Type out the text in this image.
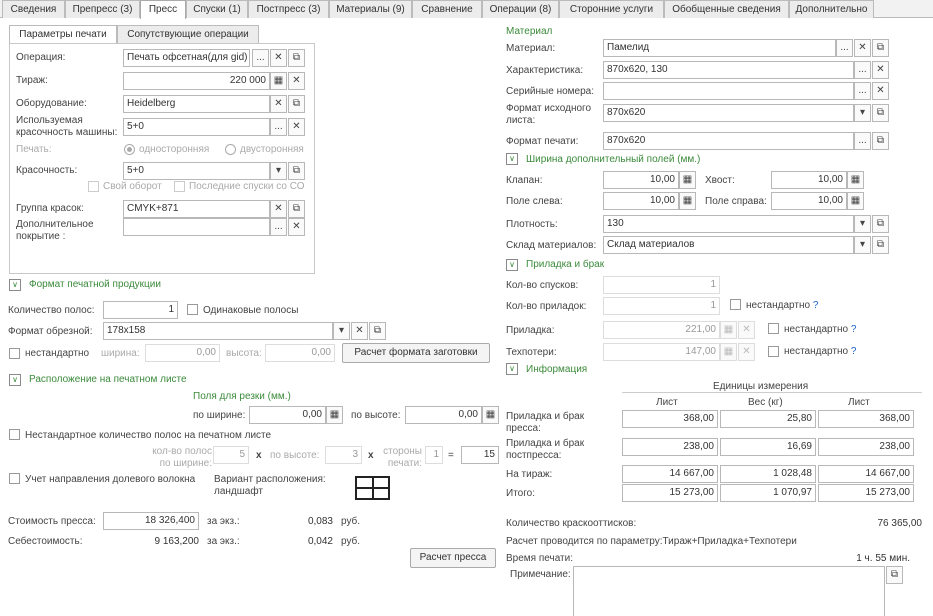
Сведения	Препресс (3)	Пресс	Спуски (1)	Постпресс (3)	Материалы (9)	Сравнение	Операции (8)	Сторонние услуги	Обобщенные сведения	Дополнительно
Параметры печати	Сопутствующие операции
Операция:	Печать офсетная(для gid) ... ✕	⧉
Тираж:	220 000 ▦ ✕
Оборудование:	Heidelberg	✕	⧉
Используемая красочность машины:
5+0	... ✕
Печать:	односторонняя	двусторонняя
Красочность:	5+0	▾	⧉
Свой оборот	Последние спуски со СО
Группа красок:	CMYK+871	✕	⧉
Дополнительное покрытие :
... ✕
∨	Формат печатной продукции
Количество полос:	1	Одинаковые полосы
Формат обрезной:	178x158	▾	✕	⧉
нестандартно ширина:	0,00	высота:	0,00	Расчет формата заготовки
∨	Расположение на печатном листе
Поля для резки (мм.)
по ширине:	0,00 ▦	по высоте:	0,00 ▦
Нестандартное количество полос на печатном листе
кол-во полос по ширине:
5	x по высоте:	3	x стороны печати:
1 =	15
Учет направления долевого волокна Вариант расположения:
ландшафт
Стоимость пресса:	18 326,400	за экз.:	0,083 руб.
Себестоимость:	9 163,200 за экз.:	0,042 руб.
Расчет пресса
Материал
Материал:	Памелид	... ✕	⧉
Характеристика:	870x620, 130	... ✕
Серийные номера:	... ✕
Формат исходного листа:
870x620	▾	⧉
Формат печати:	870x620	...	⧉
∨	Ширина дополнительный полей (мм.)
Клапан:	10,00 ▦	Хвост:	10,00 ▦
Поле слева:	10,00 ▦	Поле справа:	10,00 ▦
Плотность:	130	▾	⧉
Склад материалов:	Склад материалов	▾	⧉
∨	Приладка и брак
Кол-во спусков:	1
Кол-во приладок:	1	нестандартно ?
Приладка:	221,00 ▦ ✕	нестандартно ?
Техпотери:	147,00 ▦ ✕	нестандартно ?
∨	Информация
Единицы измерения
Лист	Вес (кг)	Лист
Приладка и брак пресса:
368,00	25,80	368,00
Приладка и брак постпресса:
238,00	16,69	238,00
На тираж:	14 667,00	1 028,48	14 667,00
Итого:	15 273,00	1 070,97	15 273,00
Количество краскооттисков:	76 365,00
Расчет проводится по параметру:Тираж+Приладка+Техпотери
Время печати:	1 ч. 55 мин.
Примечание:	⧉
